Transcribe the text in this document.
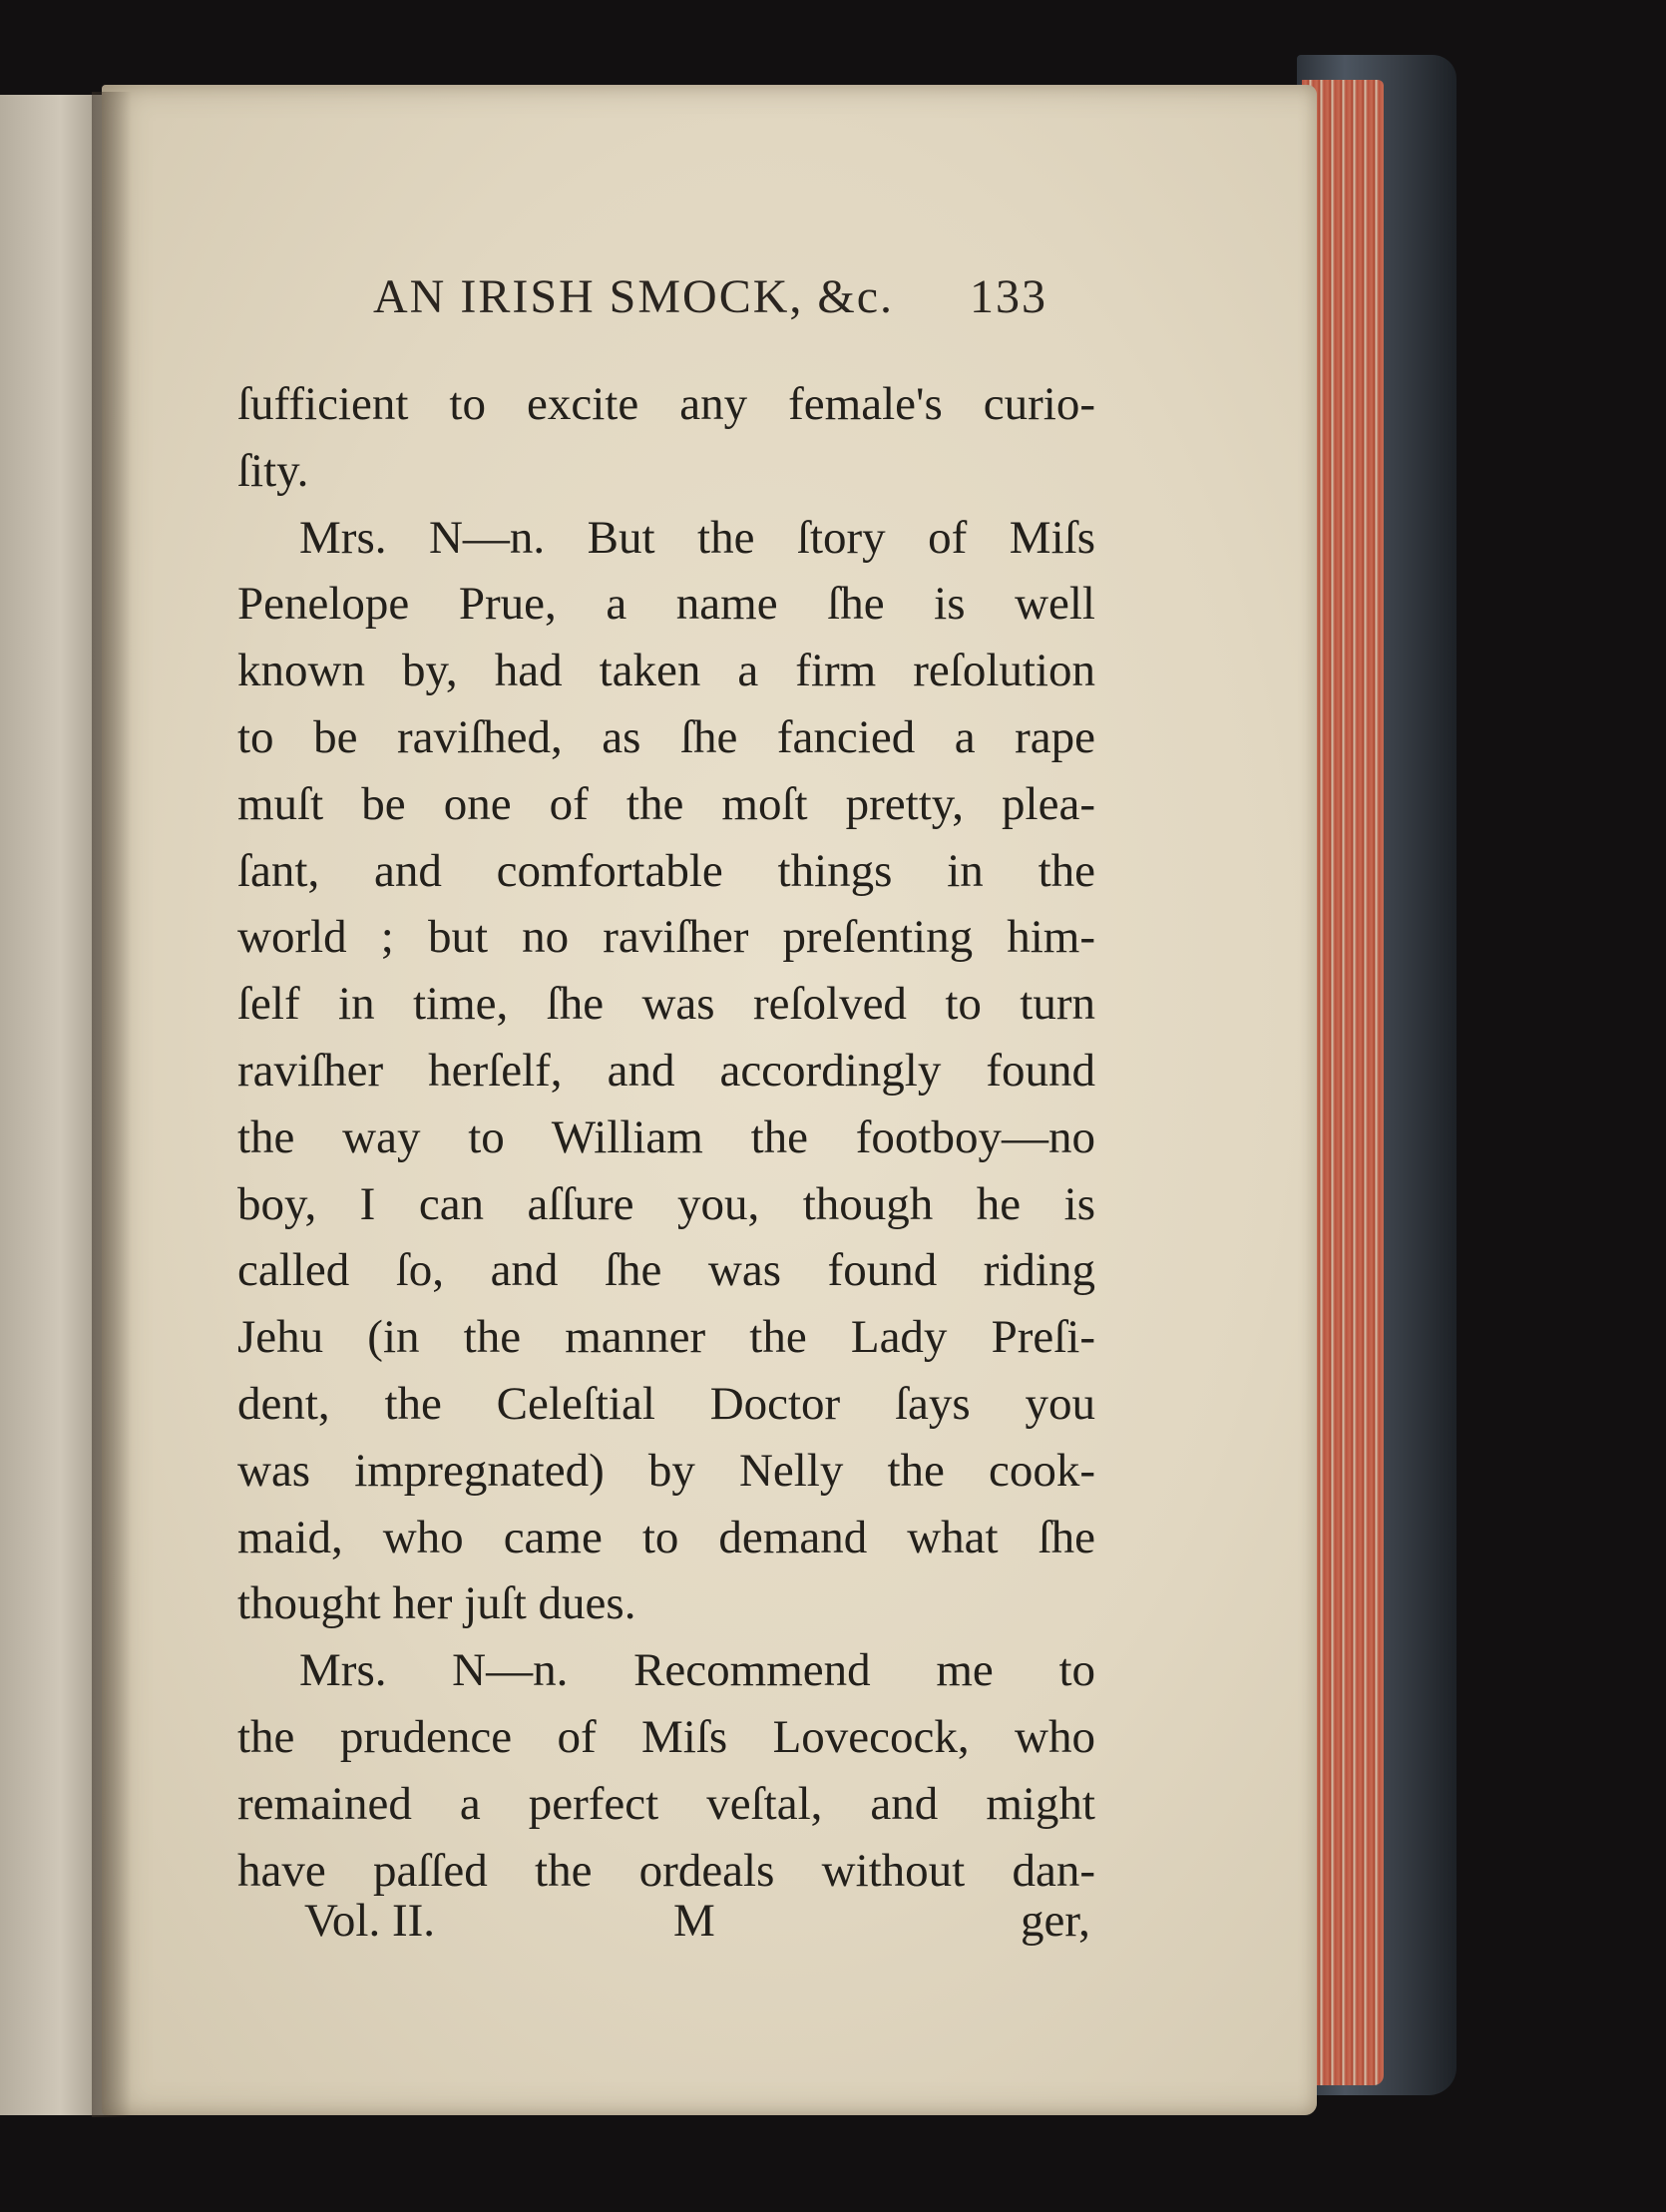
AN IRISH SMOCK, &c. 133
ſufficient to excite any female's curio-
ſity.
Mrs. N—n. But the ſtory of Miſs
Penelope Prue, a name ſhe is well
known by, had taken a firm reſolution
to be raviſhed, as ſhe fancied a rape
muſt be one of the moſt pretty, plea-
ſant, and comfortable things in the
world ; but no raviſher preſenting him-
ſelf in time, ſhe was reſolved to turn
raviſher herſelf, and accordingly found
the way to William the footboy—no
boy, I can aſſure you, though he is
called ſo, and ſhe was found riding
Jehu (in the manner the Lady Preſi-
dent, the Celeſtial Doctor ſays you
was impregnated) by Nelly the cook-
maid, who came to demand what ſhe
thought her juſt dues.
Mrs. N—n. Recommend me to
the prudence of Miſs Lovecock, who
remained a perfect veſtal, and might
have paſſed the ordeals without dan-
Vol. II.	M	ger,
